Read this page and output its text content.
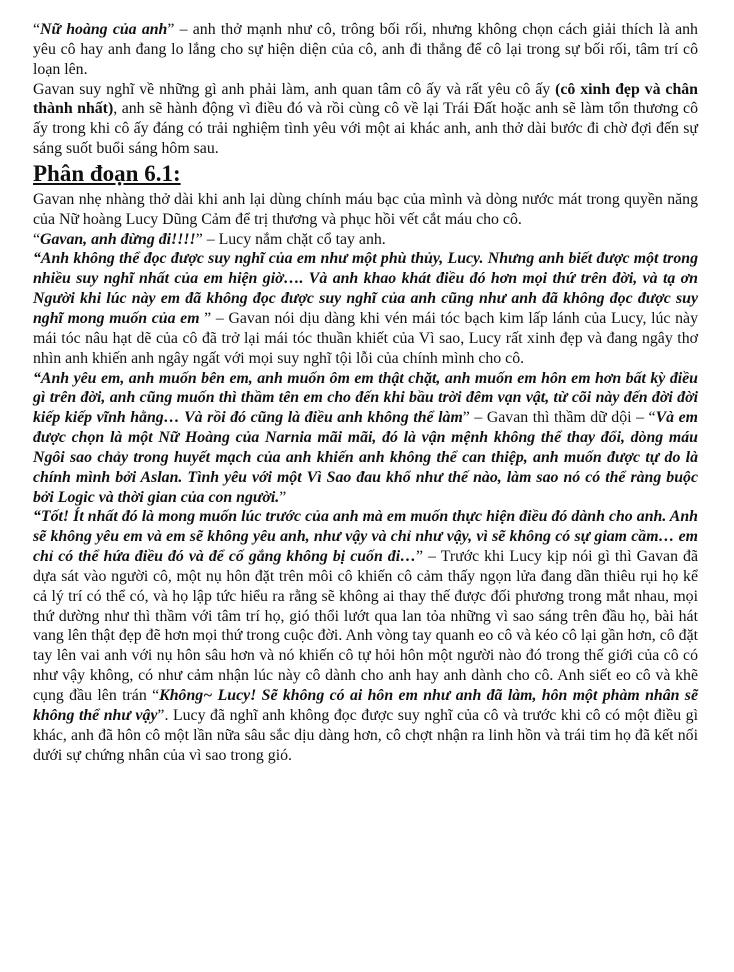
“Nữ hoàng của anh” – anh thở mạnh như cô, trông bối rối, nhưng không chọn cách giải thích là anh yêu cô hay anh đang lo lắng cho sự hiện diện của cô, anh đi thẳng để cô lại trong sự bối rối, tâm trí cô loạn lên.

Gavan suy nghĩ về những gì anh phải làm, anh quan tâm cô ấy và rất yêu cô ấy (cô xinh đẹp và chân thành nhất), anh sẽ hành động vì điều đó và rồi cùng cô về lại Trái Đất hoặc anh sẽ làm tổn thương cô ấy trong khi cô ấy đáng có trải nghiệm tình yêu với một ai khác anh, anh thở dài bước đi chờ đợi đến sự sáng suốt buổi sáng hôm sau.

Phân đoạn 6.1:

Gavan nhẹ nhàng thở dài khi anh lại dùng chính máu bạc của mình và dòng nước mát trong quyền năng của Nữ hoàng Lucy Dũng Cảm để trị thương và phục hồi vết cắt máu cho cô.

“Gavan, anh đừng đi!!!!” – Lucy nắm chặt cổ tay anh.

“Anh không thể đọc được suy nghĩ của em như một phù thủy, Lucy. Nhưng anh biết được một trong nhiều suy nghĩ nhất của em hiện giờ…. Và anh khao khát điều đó hơn mọi thứ trên đời, và tạ ơn Người khi lúc này em đã không đọc được suy nghĩ của anh cũng như anh đã không đọc được suy nghĩ mong muốn của em ” – Gavan nói dịu dàng khi vén mái tóc bạch kim lấp lánh của Lucy, lúc này mái tóc nâu hạt dẽ của cô đã trở lại mái tóc thuần khiết của Vì sao, Lucy rất xinh đẹp và đang ngây thơ nhìn anh khiến anh ngây ngất với mọi suy nghĩ tội lỗi của chính mình cho cô.

“Anh yêu em, anh muốn bên em, anh muốn ôm em thật chặt, anh muốn em hôn em hơn bất kỳ điều gì trên đời, anh cũng muốn thì thầm tên em cho đến khi bầu trời đêm vạn vật, từ cõi này đến đời đời kiếp kiếp vĩnh hằng… Và rồi đó cũng là điều anh không thể làm” – Gavan thì thầm dữ dội – “Và em được chọn là một Nữ Hoàng của Narnia mãi mãi, đó là vận mệnh không thể thay đổi, dòng máu Ngôi sao chảy trong huyết mạch của anh khiến anh không thể can thiệp, anh muốn được tự do là chính mình bởi Aslan. Tình yêu với một Vì Sao đau khổ như thế nào, làm sao nó có thể ràng buộc bởi Logic và thời gian của con người.”

“Tốt! Ít nhất đó là mong muốn lúc trước của anh mà em muốn thực hiện điều đó dành cho anh. Anh sẽ không yêu em và em sẽ không yêu anh, như vậy và chỉ như vậy, vì sẽ không có sự giam cầm… em chỉ có thể hứa điều đó và để cố gắng không bị cuốn đi…” – Trước khi Lucy kịp nói gì thì Gavan đã dựa sát vào người cô, một nụ hôn đặt trên môi cô khiến cô cảm thấy ngọn lửa đang dần thiêu rụi họ kể cả lý trí có thể có, và họ lập tức hiểu ra rằng sẽ không ai thay thế được đối phương trong mắt nhau, mọi thứ dường như thì thầm với tâm trí họ, gió thổi lướt qua lan tỏa những vì sao sáng trên đầu họ, bài hát vang lên thật đẹp đẽ hơn mọi thứ trong cuộc đời. Anh vòng tay quanh eo cô và kéo cô lại gần hơn, cô đặt tay lên vai anh với nụ hôn sâu hơn và nó khiến cô tự hỏi hôn một người nào đó trong thế giới của cô có như vậy không, có như cảm nhận lúc này cô dành cho anh hay anh dành cho cô. Anh siết eo cô và khẽ cụng đầu lên trán “Không~ Lucy! Sẽ không có ai hôn em như anh đã làm, hôn một phàm nhân sẽ không thể như vậy”. Lucy đã nghĩ anh không đọc được suy nghĩ của cô và trước khi cô có một điều gì khác, anh đã hôn cô một lần nữa sâu sắc dịu dàng hơn, cô chợt nhận ra linh hồn và trái tim họ đã kết nối dưới sự chứng nhân của vì sao trong gió.
